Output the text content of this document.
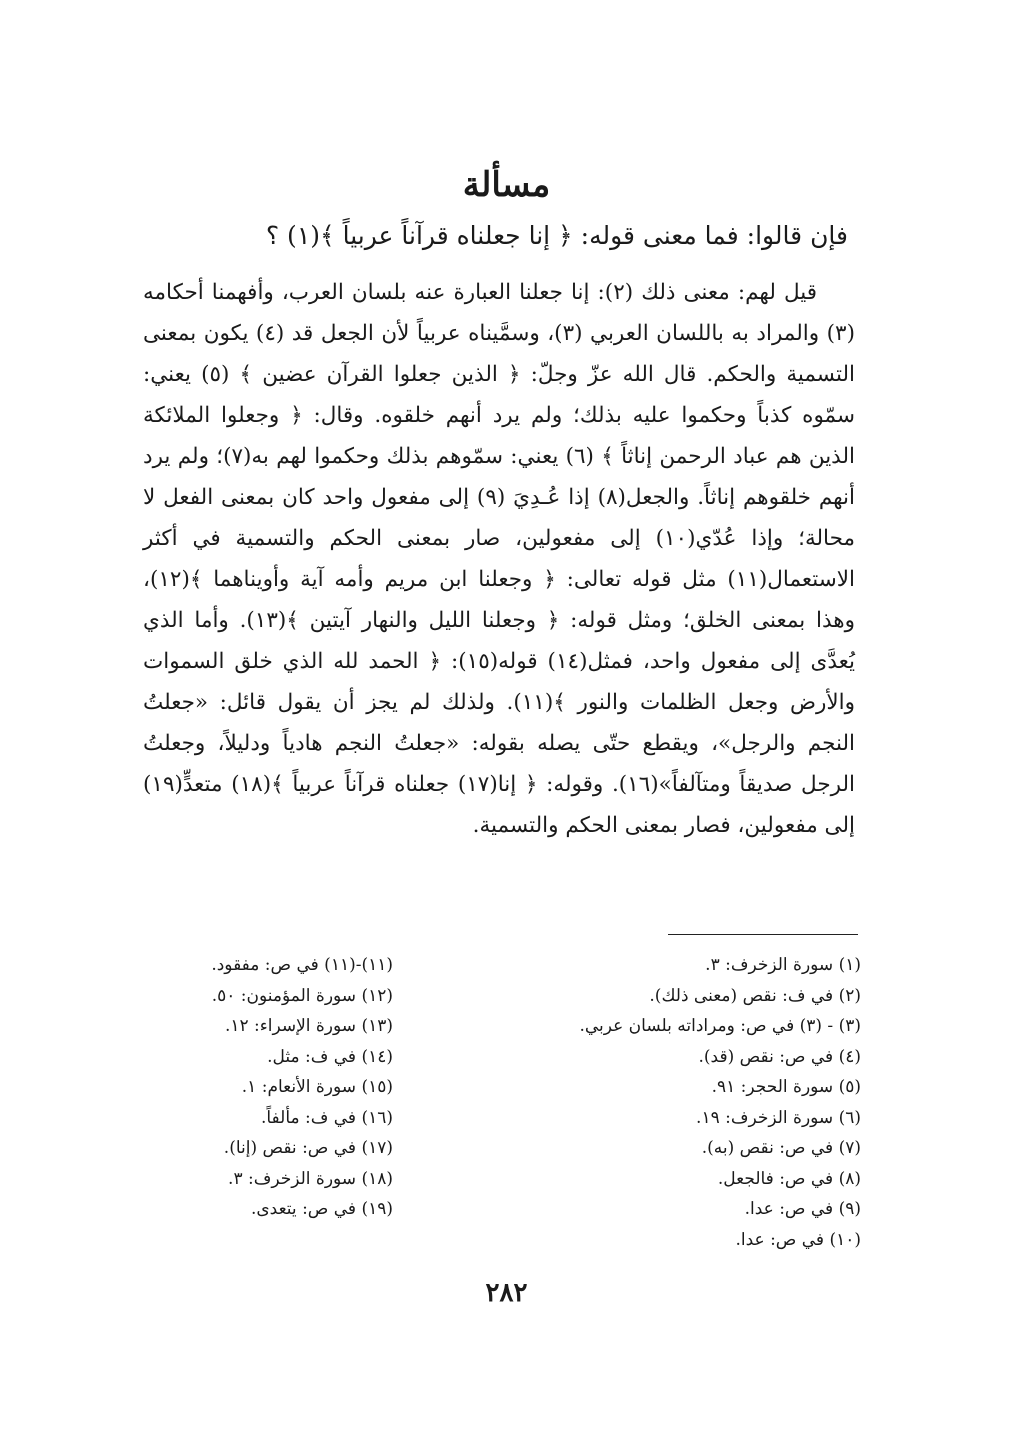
مسألة
فإن قالوا: فما معنى قوله: ﴿ إنا جعلناه قرآناً عربياً ﴾(١) ؟

قيل لهم: معنى ذلك (٢): إنا جعلنا العبارة عنه بلسان العرب، وأفهمنا أحكامه (٣) والمراد به باللسان العربي (٣)، وسمَّيناه عربياً لأن الجعل قد (٤) يكون بمعنى التسمية والحكم. قال الله عزّ وجلّ: ﴿ الذين جعلوا القرآن عضين ﴾ (٥) يعني: سمّوه كذباً وحكموا عليه بذلك؛ ولم يرد أنهم خلقوه. وقال: ﴿ وجعلوا الملائكة الذين هم عباد الرحمن إناثاً ﴾ (٦) يعني: سمّوهم بذلك وحكموا لهم به(٧)؛ ولم يرد أنهم خلقوهم إناثاً. والجعل(٨) إذا عُـدِيَ (٩) إلى مفعول واحد كان بمعنى الفعل لا محالة؛ وإذا عُدّي(١٠) إلى مفعولين، صار بمعنى الحكم والتسمية في أكثر الاستعمال(١١) مثل قوله تعالى: ﴿ وجعلنا ابن مريم وأمه آية وأويناهما ﴾(١٢)، وهذا بمعنى الخلق؛ ومثل قوله: ﴿ وجعلنا الليل والنهار آيتين ﴾(١٣). وأما الذي يُعدَّى إلى مفعول واحد، فمثل(١٤) قوله(١٥): ﴿ الحمد لله الذي خلق السموات والأرض وجعل الظلمات والنور ﴾(١١). ولذلك لم يجز أن يقول قائل: «جعلتُ النجم والرجل»، ويقطع حتّى يصله بقوله: «جعلتُ النجم هادياً ودليلاً، وجعلتُ الرجل صديقاً ومتآلفاً»(١٦). وقوله: ﴿ إنا(١٧) جعلناه قرآناً عربياً ﴾(١٨) متعدٍّ(١٩) إلى مفعولين، فصار بمعنى الحكم والتسمية.

(١) سورة الزخرف: ٣.
(٢) في ف: نقص (معنى ذلك).
(٣) - (٣) في ص: ومراداته بلسان عربي.
(٤) في ص: نقص (قد).
(٥) سورة الحجر: ٩١.
(٦) سورة الزخرف: ١٩.
(٧) في ص: نقص (به).
(٨) في ص: فالجعل.
(٩) في ص: عدا.
(١٠) في ص: عدا.
(١١)-(١١) في ص: مفقود.
(١٢) سورة المؤمنون: ٥٠.
(١٣) سورة الإسراء: ١٢.
(١٤) في ف: مثل.
(١٥) سورة الأنعام: ١.
(١٦) في ف: مألفاً.
(١٧) في ص: نقص (إنا).
(١٨) سورة الزخرف: ٣.
(١٩) في ص: يتعدى.
٢٨٢
